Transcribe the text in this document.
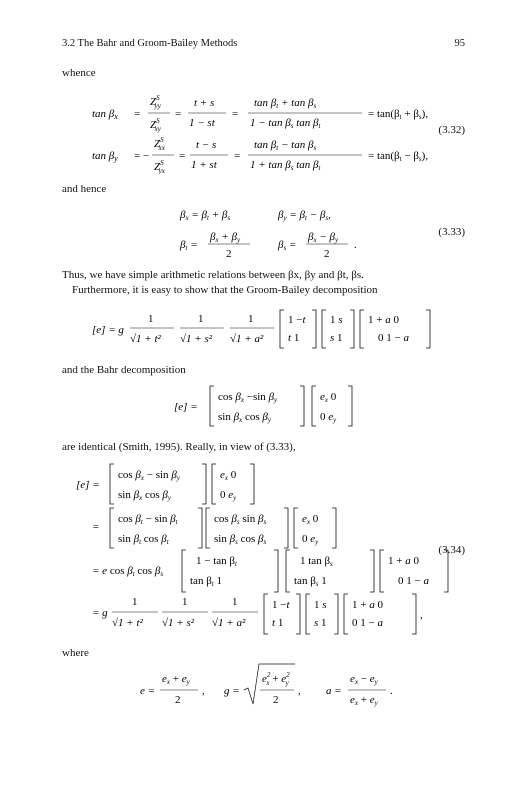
3.2 The Bahr and Groom-Bailey Methods	95
whence
tan βx =
$Z^S$ yy
$Z^S$ xy
=
t + s
1 − st
=
tan βt + tan βs
1 − tan βs tan βt
= tan(βt + βs),
tan βy = −
$Z^S$ xx
$Z^S$ yx
=
t − s
1 + st
=
tan βt − tan βs
1 + tan βs tan βt
= tan(βt − βs),
(3.32)
and hence
βx = βt + βs	βy = βt − βs,
βt =
βx + βy
2
βs =
βx − βy
2
.
(3.33)
Thus, we have simple arithmetic relations between βx, βy and βt, βs.
Furthermore, it is easy to show that the Groom-Bailey decomposition
[e] = g
1
√1 + t²
1
√1 + s²
1
√1 + a²
1 −t
t 1
1 s
s 1
1 + a 0
0 1 − a
and the Bahr decomposition
[e] =
cos βx −sin βy
sin βx cos βy
ex 0
0 ey
are identical (Smith, 1995). Really, in view of (3.33),
[e] =
cos βx − sin βy
sin βx cos βy
ex 0
0 ey
=
cos βt − sin βt
sin βt cos βt
cos βs sin βs
sin βs cos βs
ex 0
0 ey
= e cos βt cos βs
1 − tan βt
tan βt 1
1 tan βs
tan βs 1
1 + a 0
0 1 − a
= g
1
√1 + t²
1
√1 + s²
1
√1 + a²
1 −t
t 1
1 s
s 1
1 + a 0
0 1 − a
,
(3.34)
where
e =
ex + ey
2
, g =
$e^2$ $x + e^2$ y
2
, a =
ex − ey
ex + ey
.
